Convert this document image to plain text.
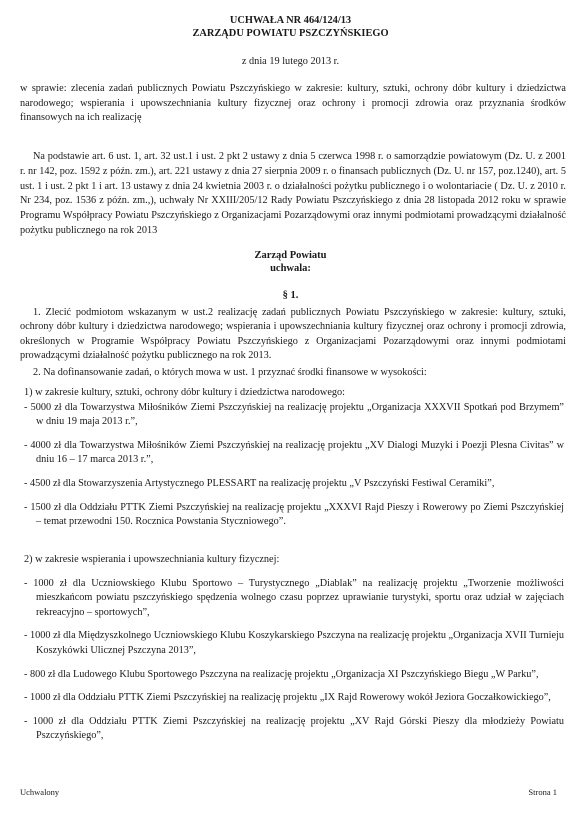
UCHWAŁA NR 464/124/13
ZARZĄDU POWIATU PSZCZYŃSKIEGO
z dnia 19 lutego 2013 r.
w sprawie: zlecenia zadań publicznych Powiatu Pszczyńskiego w zakresie: kultury, sztuki, ochrony dóbr kultury i dziedzictwa narodowego; wspierania i upowszechniania kultury fizycznej oraz ochrony i promocji zdrowia oraz przyznania środków finansowych na ich realizację
Na podstawie art. 6 ust. 1, art. 32 ust.1 i ust. 2 pkt 2 ustawy z dnia 5 czerwca 1998 r. o samorządzie powiatowym (Dz. U. z 2001 r. nr 142, poz. 1592 z późn. zm.), art. 221 ustawy z dnia 27 sierpnia 2009 r. o finansach publicznych (Dz. U. nr 157, poz.1240), art. 5 ust. 1 i ust. 2 pkt 1 i art. 13 ustawy z dnia 24 kwietnia 2003 r. o działalności pożytku publicznego i o wolontariacie ( Dz. U. z 2010 r. Nr 234, poz. 1536 z późn. zm.,), uchwały Nr XXIII/205/12 Rady Powiatu Pszczyńskiego z dnia 28 listopada 2012 roku w sprawie Programu Współpracy Powiatu Pszczyńskiego z Organizacjami Pozarządowymi oraz innymi podmiotami prowadzącymi działalność pożytku publicznego na rok 2013
Zarząd Powiatu
uchwala:
§ 1.
1. Zlecić podmiotom wskazanym w ust.2 realizację zadań publicznych Powiatu Pszczyńskiego w zakresie: kultury, sztuki, ochrony dóbr kultury i dziedzictwa narodowego; wspierania i upowszechniania kultury fizycznej oraz ochrony i promocji zdrowia, określonych w Programie Współpracy Powiatu Pszczyńskiego z Organizacjami Pozarządowymi oraz innymi podmiotami prowadzącymi działalność pożytku publicznego na rok 2013.
2. Na dofinansowanie zadań, o których mowa w ust. 1 przyznać środki finansowe w wysokości:
1) w zakresie kultury, sztuki, ochrony dóbr kultury i dziedzictwa narodowego:
- 5000 zł dla Towarzystwa Miłośników Ziemi Pszczyńskiej na realizację projektu „Organizacja XXXVII Spotkań pod Brzymem” w dniu 19 maja 2013 r.”,
- 4000 zł dla Towarzystwa Miłośników Ziemi Pszczyńskiej na realizację projektu „XV Dialogi Muzyki i Poezji Plesna Civitas” w dniu 16 – 17 marca 2013 r.”,
- 4500 zł dla Stowarzyszenia Artystycznego PLESSART na realizację projektu „V Pszczyński Festiwal Ceramiki”,
- 1500 zł dla Oddziału PTTK Ziemi Pszczyńskiej na realizację projektu „XXXVI Rajd Pieszy i Rowerowy po Ziemi Pszczyńskiej – temat przewodni 150. Rocznica Powstania Styczniowego”.
2) w zakresie wspierania i upowszechniania kultury fizycznej:
- 1000 zł dla Uczniowskiego Klubu Sportowo – Turystycznego „Diablak” na realizację projektu „Tworzenie możliwości mieszkańcom powiatu pszczyńskiego spędzenia wolnego czasu poprzez uprawianie turystyki, sportu oraz udział w zajęciach rekreacyjno – sportowych”,
- 1000 zł dla Międzyszkolnego Uczniowskiego Klubu Koszykarskiego Pszczyna na realizację projektu „Organizacja XVII Turnieju Koszykówki Ulicznej Pszczyna 2013”,
- 800 zł dla Ludowego Klubu Sportowego Pszczyna na realizację projektu „Organizacja XI Pszczyńskiego Biegu „W Parku”,
- 1000 zł dla Oddziału PTTK Ziemi Pszczyńskiej na realizację projektu „IX Rajd Rowerowy wokół Jeziora Goczałkowickiego”,
- 1000 zł dla Oddziału PTTK Ziemi Pszczyńskiej na realizację projektu „XV Rajd Górski Pieszy dla młodzieży Powiatu Pszczyńskiego”,
Uchwalony	Strona 1
